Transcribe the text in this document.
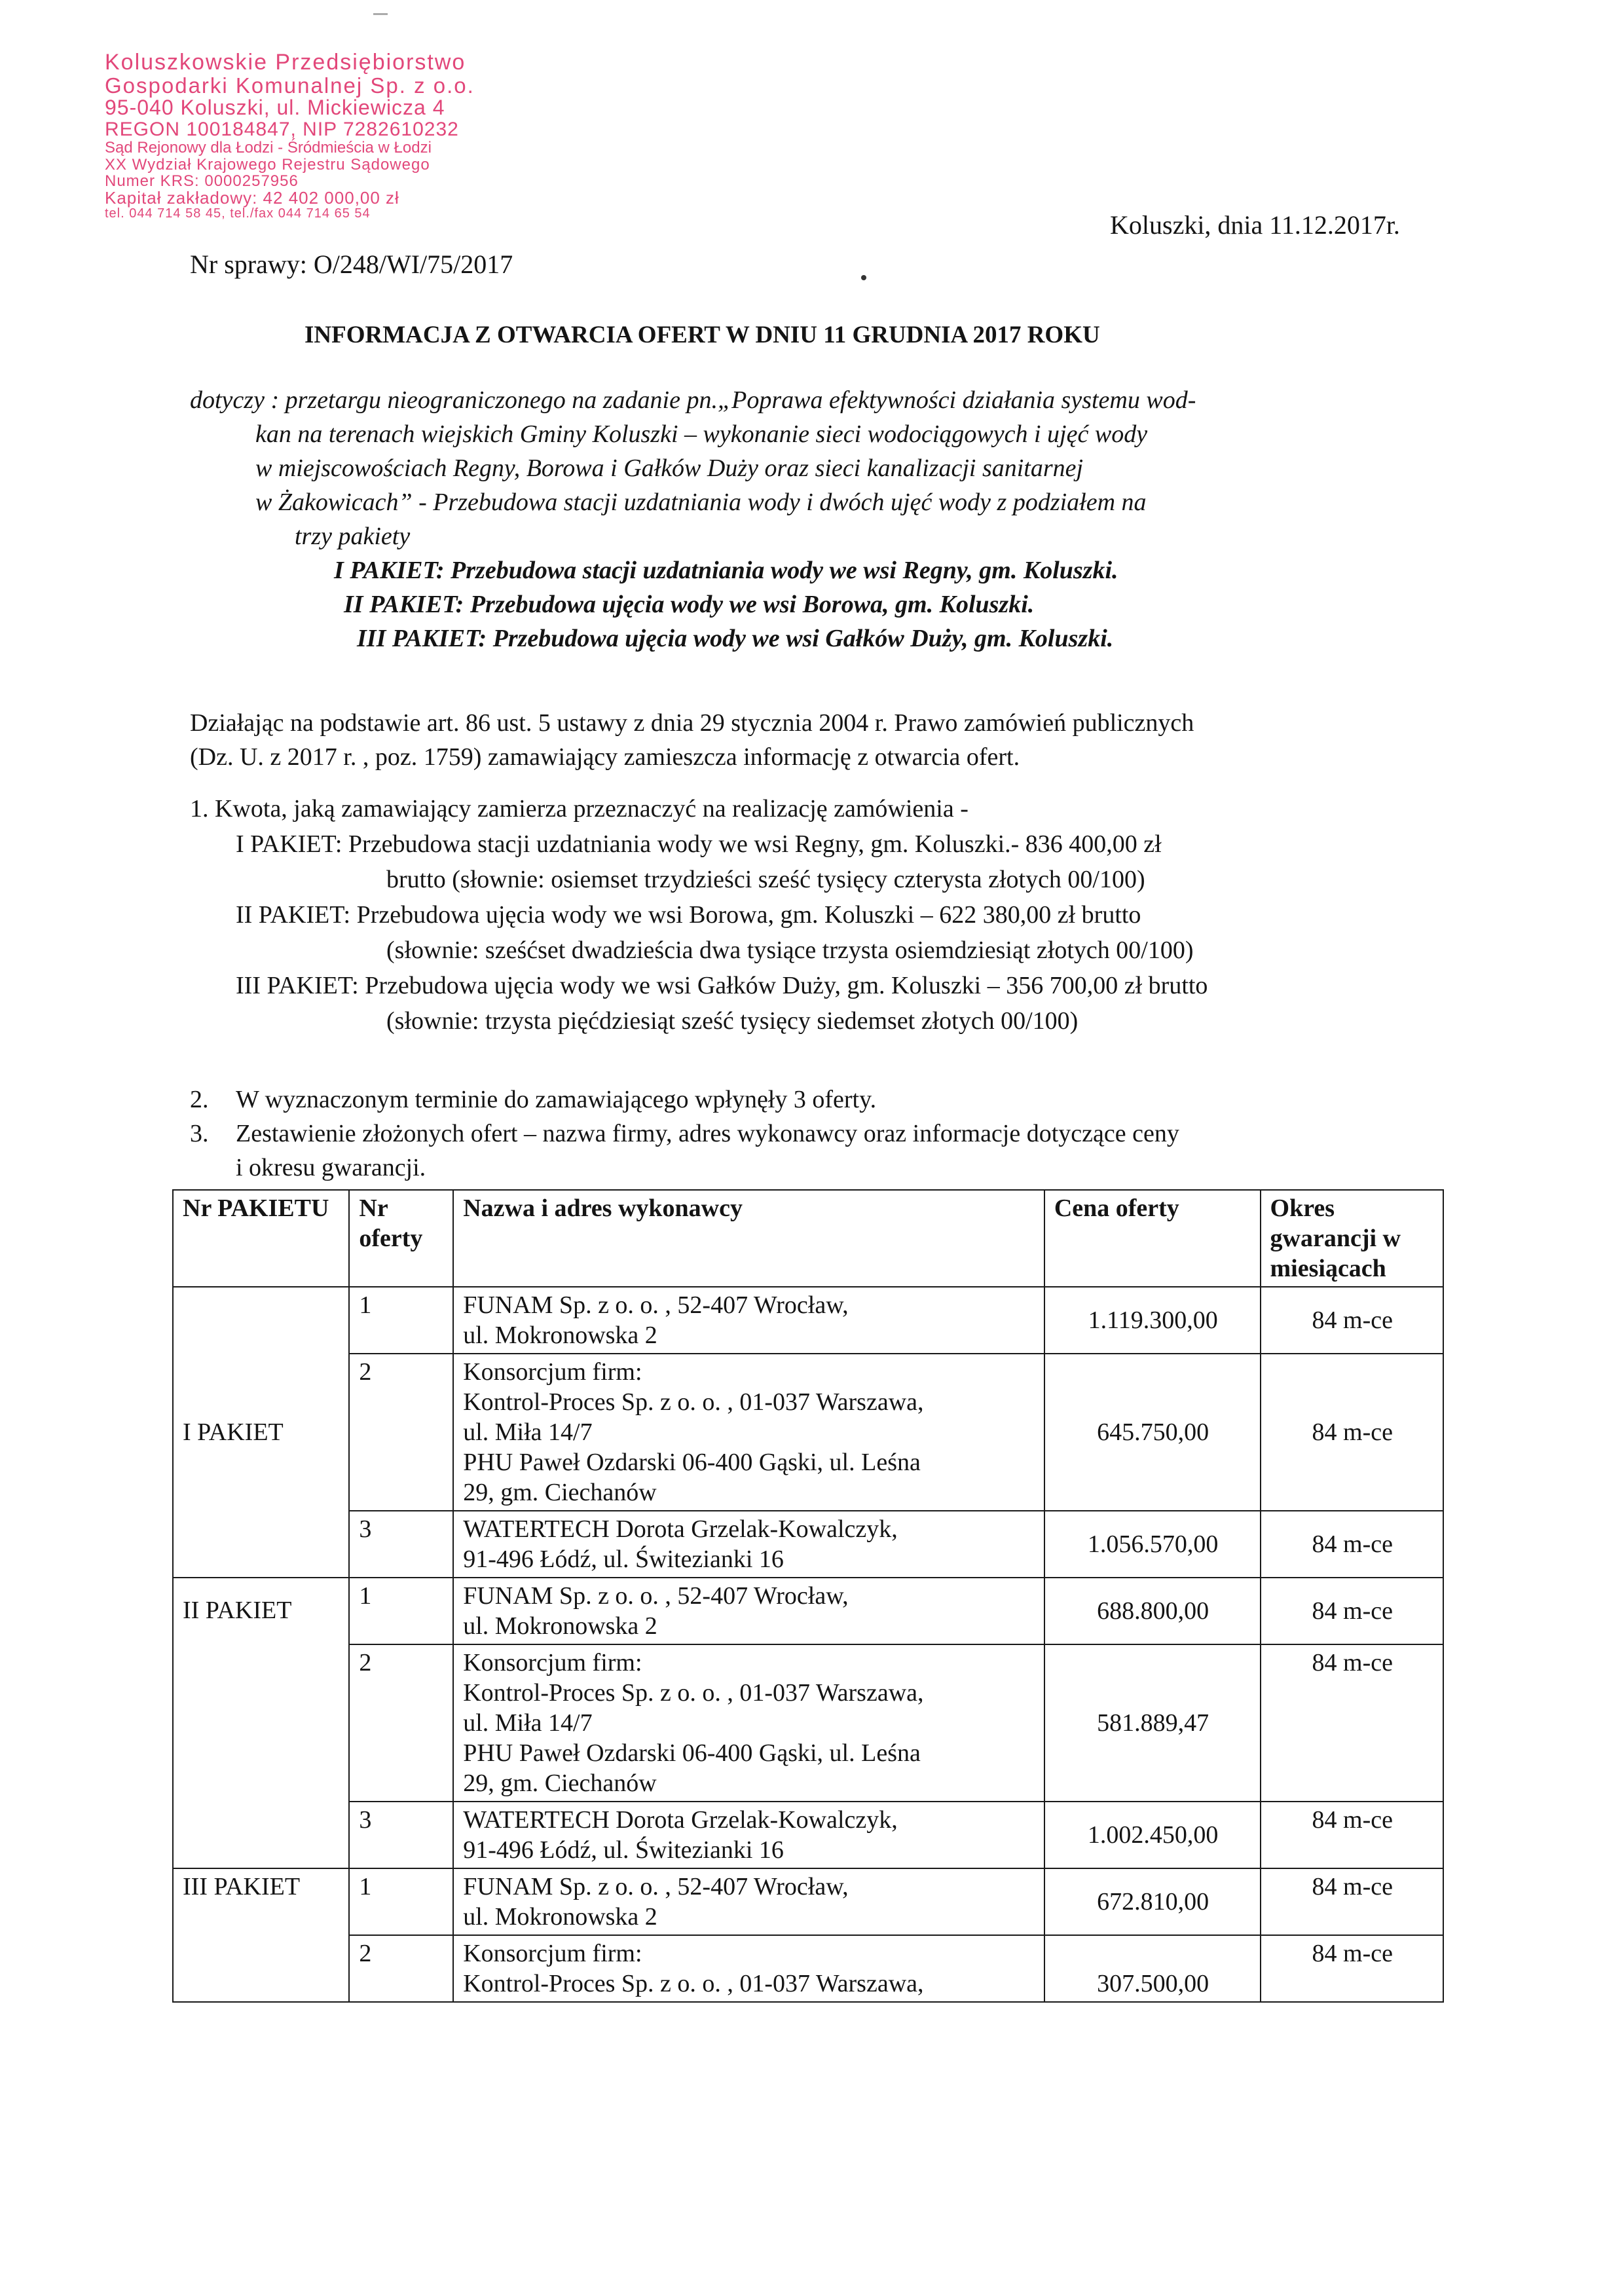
Koluszkowskie Przedsiębiorstwo
Gospodarki Komunalnej Sp. z o.o.
95-040 Koluszki, ul. Mickiewicza 4
REGON 100184847, NIP 7282610232
Sąd Rejonowy dla Łodzi - Śródmieścia w Łodzi
XX Wydział Krajowego Rejestru Sądowego
Numer KRS: 0000257956
Kapitał zakładowy: 42 402 000,00 zł
tel. 044 714 58 45, tel./fax 044 714 65 54	Koluszki, dnia 11.12.2017r.
Nr sprawy: O/248/WI/75/2017
INFORMACJA Z OTWARCIA OFERT W DNIU 11 GRUDNIA 2017 ROKU

dotyczy : przetargu nieograniczonego na zadanie pn.„Poprawa efektywności działania systemu wod-

kan na terenach wiejskich Gminy Koluszki – wykonanie sieci wodociągowych i ujęć wody

w miejscowościach Regny, Borowa i Gałków Duży oraz sieci kanalizacji sanitarnej

w Żakowicach” - Przebudowa stacji uzdatniania wody i dwóch ujęć wody z podziałem na

trzy pakiety

I PAKIET: Przebudowa stacji uzdatniania wody we wsi Regny, gm. Koluszki.

II PAKIET: Przebudowa ujęcia wody we wsi Borowa, gm. Koluszki.

III PAKIET: Przebudowa ujęcia wody we wsi Gałków Duży, gm. Koluszki.

Działając na podstawie art. 86 ust. 5 ustawy z dnia 29 stycznia 2004 r. Prawo zamówień publicznych
(Dz. U. z 2017 r. , poz. 1759) zamawiający zamieszcza informację z otwarcia ofert.
1. Kwota, jaką zamawiający zamierza przeznaczyć na realizację zamówienia -
I PAKIET: Przebudowa stacji uzdatniania wody we wsi Regny, gm. Koluszki.- 836 400,00 zł
brutto (słownie: osiemset trzydzieści sześć tysięcy czterysta złotych 00/100)
II PAKIET: Przebudowa ujęcia wody we wsi Borowa, gm. Koluszki – 622 380,00 zł brutto
(słownie: sześćset dwadzieścia dwa tysiące trzysta osiemdziesiąt złotych 00/100)
III PAKIET: Przebudowa ujęcia wody we wsi Gałków Duży, gm. Koluszki – 356 700,00 zł brutto
(słownie: trzysta pięćdziesiąt sześć tysięcy siedemset złotych 00/100)
2. W wyznaczonym terminie do zamawiającego wpłynęły 3 oferty.
3. Zestawienie złożonych ofert – nazwa firmy, adres wykonawcy oraz informacje dotyczące ceny
i okresu gwarancji.
Nr PAKIETU	Nr oferty	Nazwa i adres wykonawcy	Cena oferty	Okres gwarancji w miesiącach
I PAKIET	1	FUNAM Sp. z o. o. , 52-407 Wrocław,
ul. Mokronowska 2	1.119.300,00	84 m-ce
	2	Konsorcjum firm:
Kontrol-Proces Sp. z o. o. , 01-037 Warszawa,
ul. Miła 14/7
PHU Paweł Ozdarski 06-400 Gąski, ul. Leśna
29, gm. Ciechanów	645.750,00	84 m-ce
	3	WATERTECH Dorota Grzelak-Kowalczyk,
91-496 Łódź, ul. Świtezianki 16	1.056.570,00	84 m-ce
II PAKIET	1	FUNAM Sp. z o. o. , 52-407 Wrocław,
ul. Mokronowska 2	688.800,00	84 m-ce
	2	Konsorcjum firm:
Kontrol-Proces Sp. z o. o. , 01-037 Warszawa,
ul. Miła 14/7
PHU Paweł Ozdarski 06-400 Gąski, ul. Leśna
29, gm. Ciechanów	581.889,47	84 m-ce
	3	WATERTECH Dorota Grzelak-Kowalczyk,
91-496 Łódź, ul. Świtezianki 16	1.002.450,00	84 m-ce
III PAKIET	1	FUNAM Sp. z o. o. , 52-407 Wrocław,
ul. Mokronowska 2	672.810,00	84 m-ce
	2	Konsorcjum firm:
Kontrol-Proces Sp. z o. o. , 01-037 Warszawa,	307.500,00	84 m-ce
